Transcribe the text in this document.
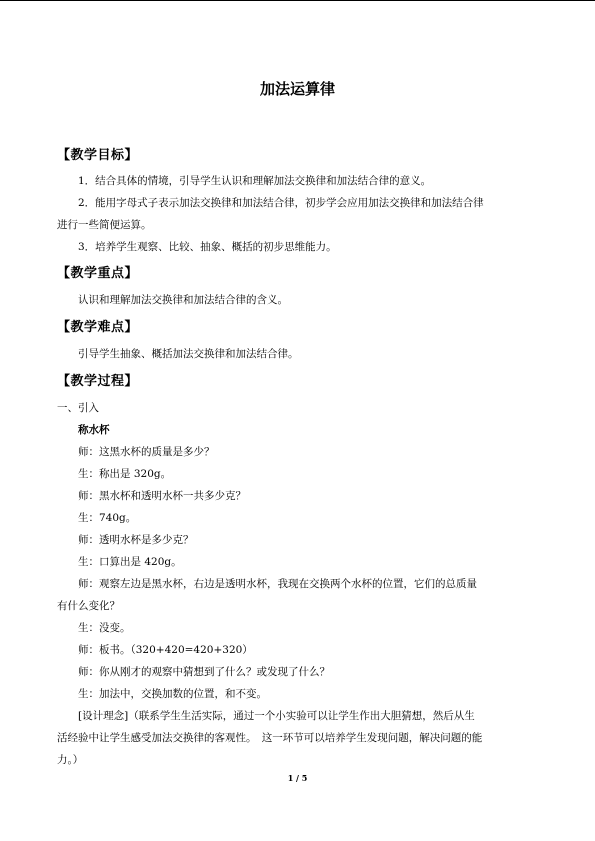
加法运算律
【教学目标】
1．结合具体的情境，引导学生认识和理解加法交换律和加法结合律的意义。
2．能用字母式子表示加法交换律和加法结合律，初步学会应用加法交换律和加法结合律
进行一些简便运算。
3．培养学生观察、比较、抽象、概括的初步思维能力。
【教学重点】
认识和理解加法交换律和加法结合律的含义。
【教学难点】
引导学生抽象、概括加法交换律和加法结合律。
【教学过程】
一、引入
称水杯
师：这黑水杯的质量是多少？
生：称出是 320g。
师：黑水杯和透明水杯一共多少克？
生：740g。
师：透明水杯是多少克？
生：口算出是 420g。
师：观察左边是黑水杯，右边是透明水杯，我现在交换两个水杯的位置，它们的总质量
有什么变化？
生：没变。
师：板书。（320+420=420+320）
师：你从刚才的观察中猜想到了什么？或发现了什么？
生：加法中，交换加数的位置，和不变。
[设计理念]（联系学生生活实际，通过一个小实验可以让学生作出大胆猜想，然后从生
活经验中让学生感受加法交换律的客观性。　这一环节可以培养学生发现问题，解决问题的能
力。）
1 / 5
